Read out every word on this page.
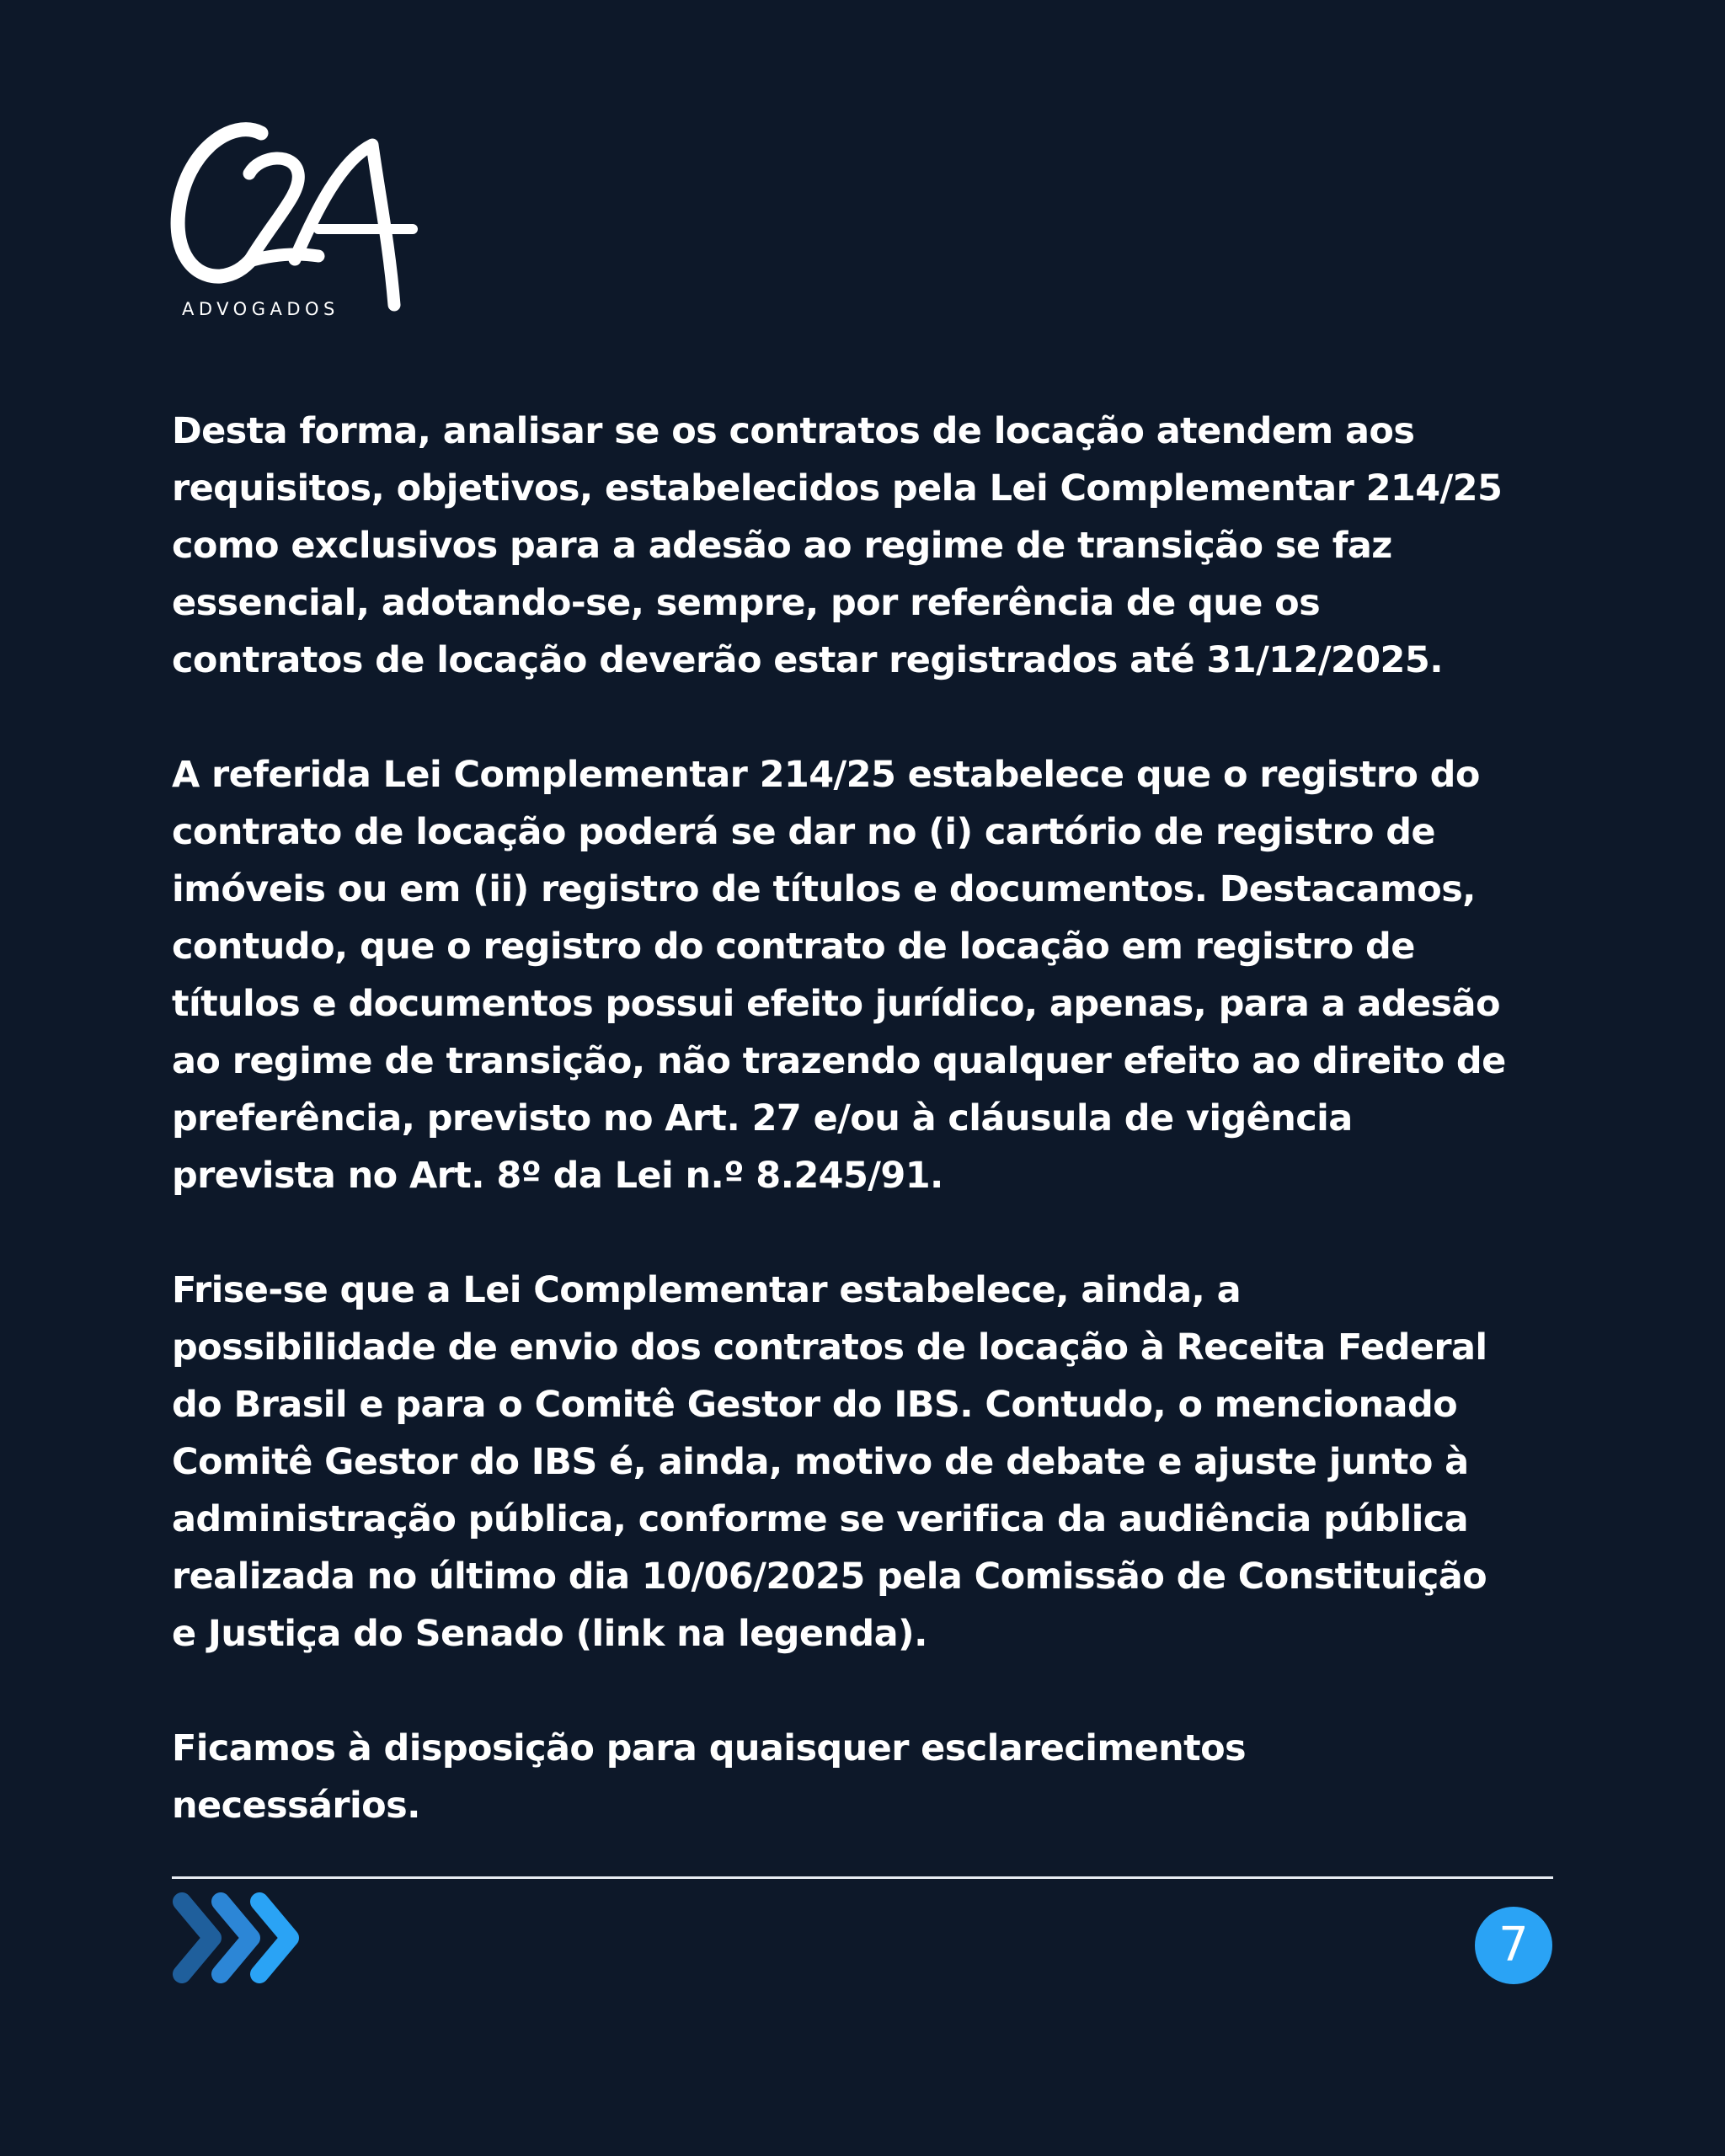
ADVOGADOS

Desta forma, analisar se os contratos de locação atendem aos
requisitos, objetivos, estabelecidos pela Lei Complementar 214/25
como exclusivos para a adesão ao regime de transição se faz
essencial, adotando-se, sempre, por referência de que os
contratos de locação deverão estar registrados até 31/12/2025.

A referida Lei Complementar 214/25 estabelece que o registro do
contrato de locação poderá se dar no (i) cartório de registro de
imóveis ou em (ii) registro de títulos e documentos. Destacamos,
contudo, que o registro do contrato de locação em registro de
títulos e documentos possui efeito jurídico, apenas, para a adesão
ao regime de transição, não trazendo qualquer efeito ao direito de
preferência, previsto no Art. 27 e/ou à cláusula de vigência
prevista no Art. 8º da Lei n.º 8.245/91.

Frise-se que a Lei Complementar estabelece, ainda, a
possibilidade de envio dos contratos de locação à Receita Federal
do Brasil e para o Comitê Gestor do IBS. Contudo, o mencionado
Comitê Gestor do IBS é, ainda, motivo de debate e ajuste junto à
administração pública, conforme se verifica da audiência pública
realizada no último dia 10/06/2025 pela Comissão de Constituição
e Justiça do Senado (link na legenda).

Ficamos à disposição para quaisquer esclarecimentos
necessários.

7
